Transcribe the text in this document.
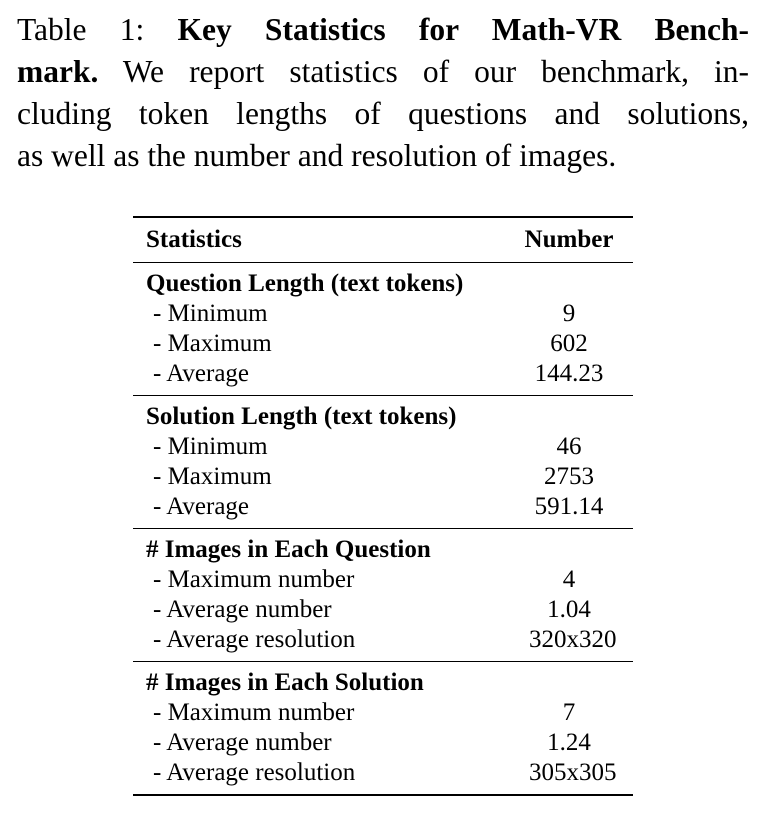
Table 1: Key Statistics for Math-VR Bench-
mark. We report statistics of our benchmark, in-
cluding token lengths of questions and solutions,
as well as the number and resolution of images.
Statistics	Number
Question Length (text tokens)
- Minimum	9
- Maximum	602
- Average	144.23
Solution Length (text tokens)
- Minimum	46
- Maximum	2753
- Average	591.14
# Images in Each Question
- Maximum number	4
- Average number	1.04
- Average resolution	320x320
# Images in Each Solution
- Maximum number	7
- Average number	1.24
- Average resolution	305x305
